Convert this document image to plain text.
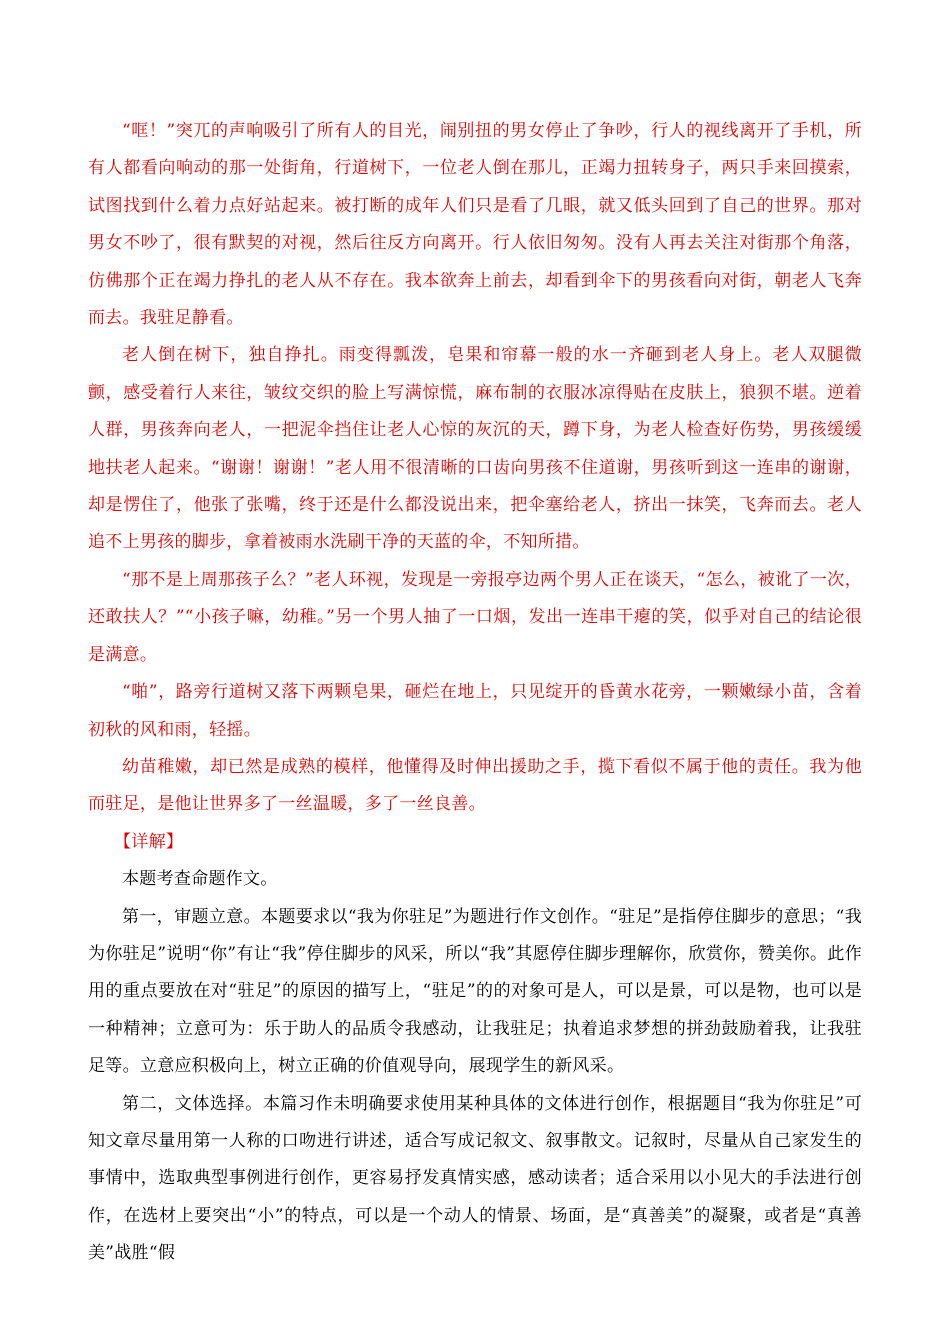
“哐！”突兀的声响吸引了所有人的目光，闹别扭的男女停止了争吵，行人的视线离开了手机，所有人都看向响动的那一处街角，行道树下，一位老人倒在那儿，正竭力扭转身子，两只手来回摸索，试图找到什么着力点好站起来。被打断的成年人们只是看了几眼，就又低头回到了自己的世界。那对男女不吵了，很有默契的对视，然后往反方向离开。行人依旧匆匆。没有人再去关注对街那个角落，仿佛那个正在竭力挣扎的老人从不存在。我本欲奔上前去，却看到伞下的男孩看向对街，朝老人飞奔而去。我驻足静看。

老人倒在树下，独自挣扎。雨变得瓢泼，皂果和帘幕一般的水一齐砸到老人身上。老人双腿微颤，感受着行人来往，皱纹交织的脸上写满惊慌，麻布制的衣服冰凉得贴在皮肤上，狼狈不堪。逆着人群，男孩奔向老人，一把泥伞挡住让老人心惊的灰沉的天，蹲下身，为老人检查好伤势，男孩缓缓地扶老人起来。“谢谢！谢谢！”老人用不很清晰的口齿向男孩不住道谢，男孩听到这一连串的谢谢，却是愣住了，他张了张嘴，终于还是什么都没说出来，把伞塞给老人，挤出一抹笑，飞奔而去。老人追不上男孩的脚步，拿着被雨水洗刷干净的天蓝的伞，不知所措。

“那不是上周那孩子么？”老人环视，发现是一旁报亭边两个男人正在谈天，“怎么，被讹了一次，还敢扶人？”“小孩子嘛，幼稚。”另一个男人抽了一口烟，发出一连串干瘪的笑，似乎对自己的结论很是满意。

“啪”，路旁行道树又落下两颗皂果，砸烂在地上，只见绽开的昏黄水花旁，一颗嫩绿小苗，含着初秋的风和雨，轻摇。

幼苗稚嫩，却已然是成熟的模样，他懂得及时伸出援助之手，揽下看似不属于他的责任。我为他而驻足，是他让世界多了一丝温暖，多了一丝良善。

【详解】

本题考查命题作文。

第一，审题立意。本题要求以“我为你驻足”为题进行作文创作。“驻足”是指停住脚步的意思；“我为你驻足”说明“你”有让“我”停住脚步的风采，所以“我”其愿停住脚步理解你，欣赏你，赞美你。此作用的重点要放在对“驻足”的原因的描写上，“驻足”的的对象可是人，可以是景，可以是物，也可以是一种精神；立意可为：乐于助人的品质令我感动，让我驻足；执着追求梦想的拼劲鼓励着我，让我驻足等。立意应积极向上，树立正确的价值观导向，展现学生的新风采。

第二，文体选择。本篇习作未明确要求使用某种具体的文体进行创作，根据题目“我为你驻足”可知文章尽量用第一人称的口吻进行讲述，适合写成记叙文、叙事散文。记叙时，尽量从自己家发生的事情中，选取典型事例进行创作，更容易抒发真情实感，感动读者；适合采用以小见大的手法进行创作，在选材上要突出“小”的特点，可以是一个动人的情景、场面，是“真善美”的凝聚，或者是“真善美”战胜“假
